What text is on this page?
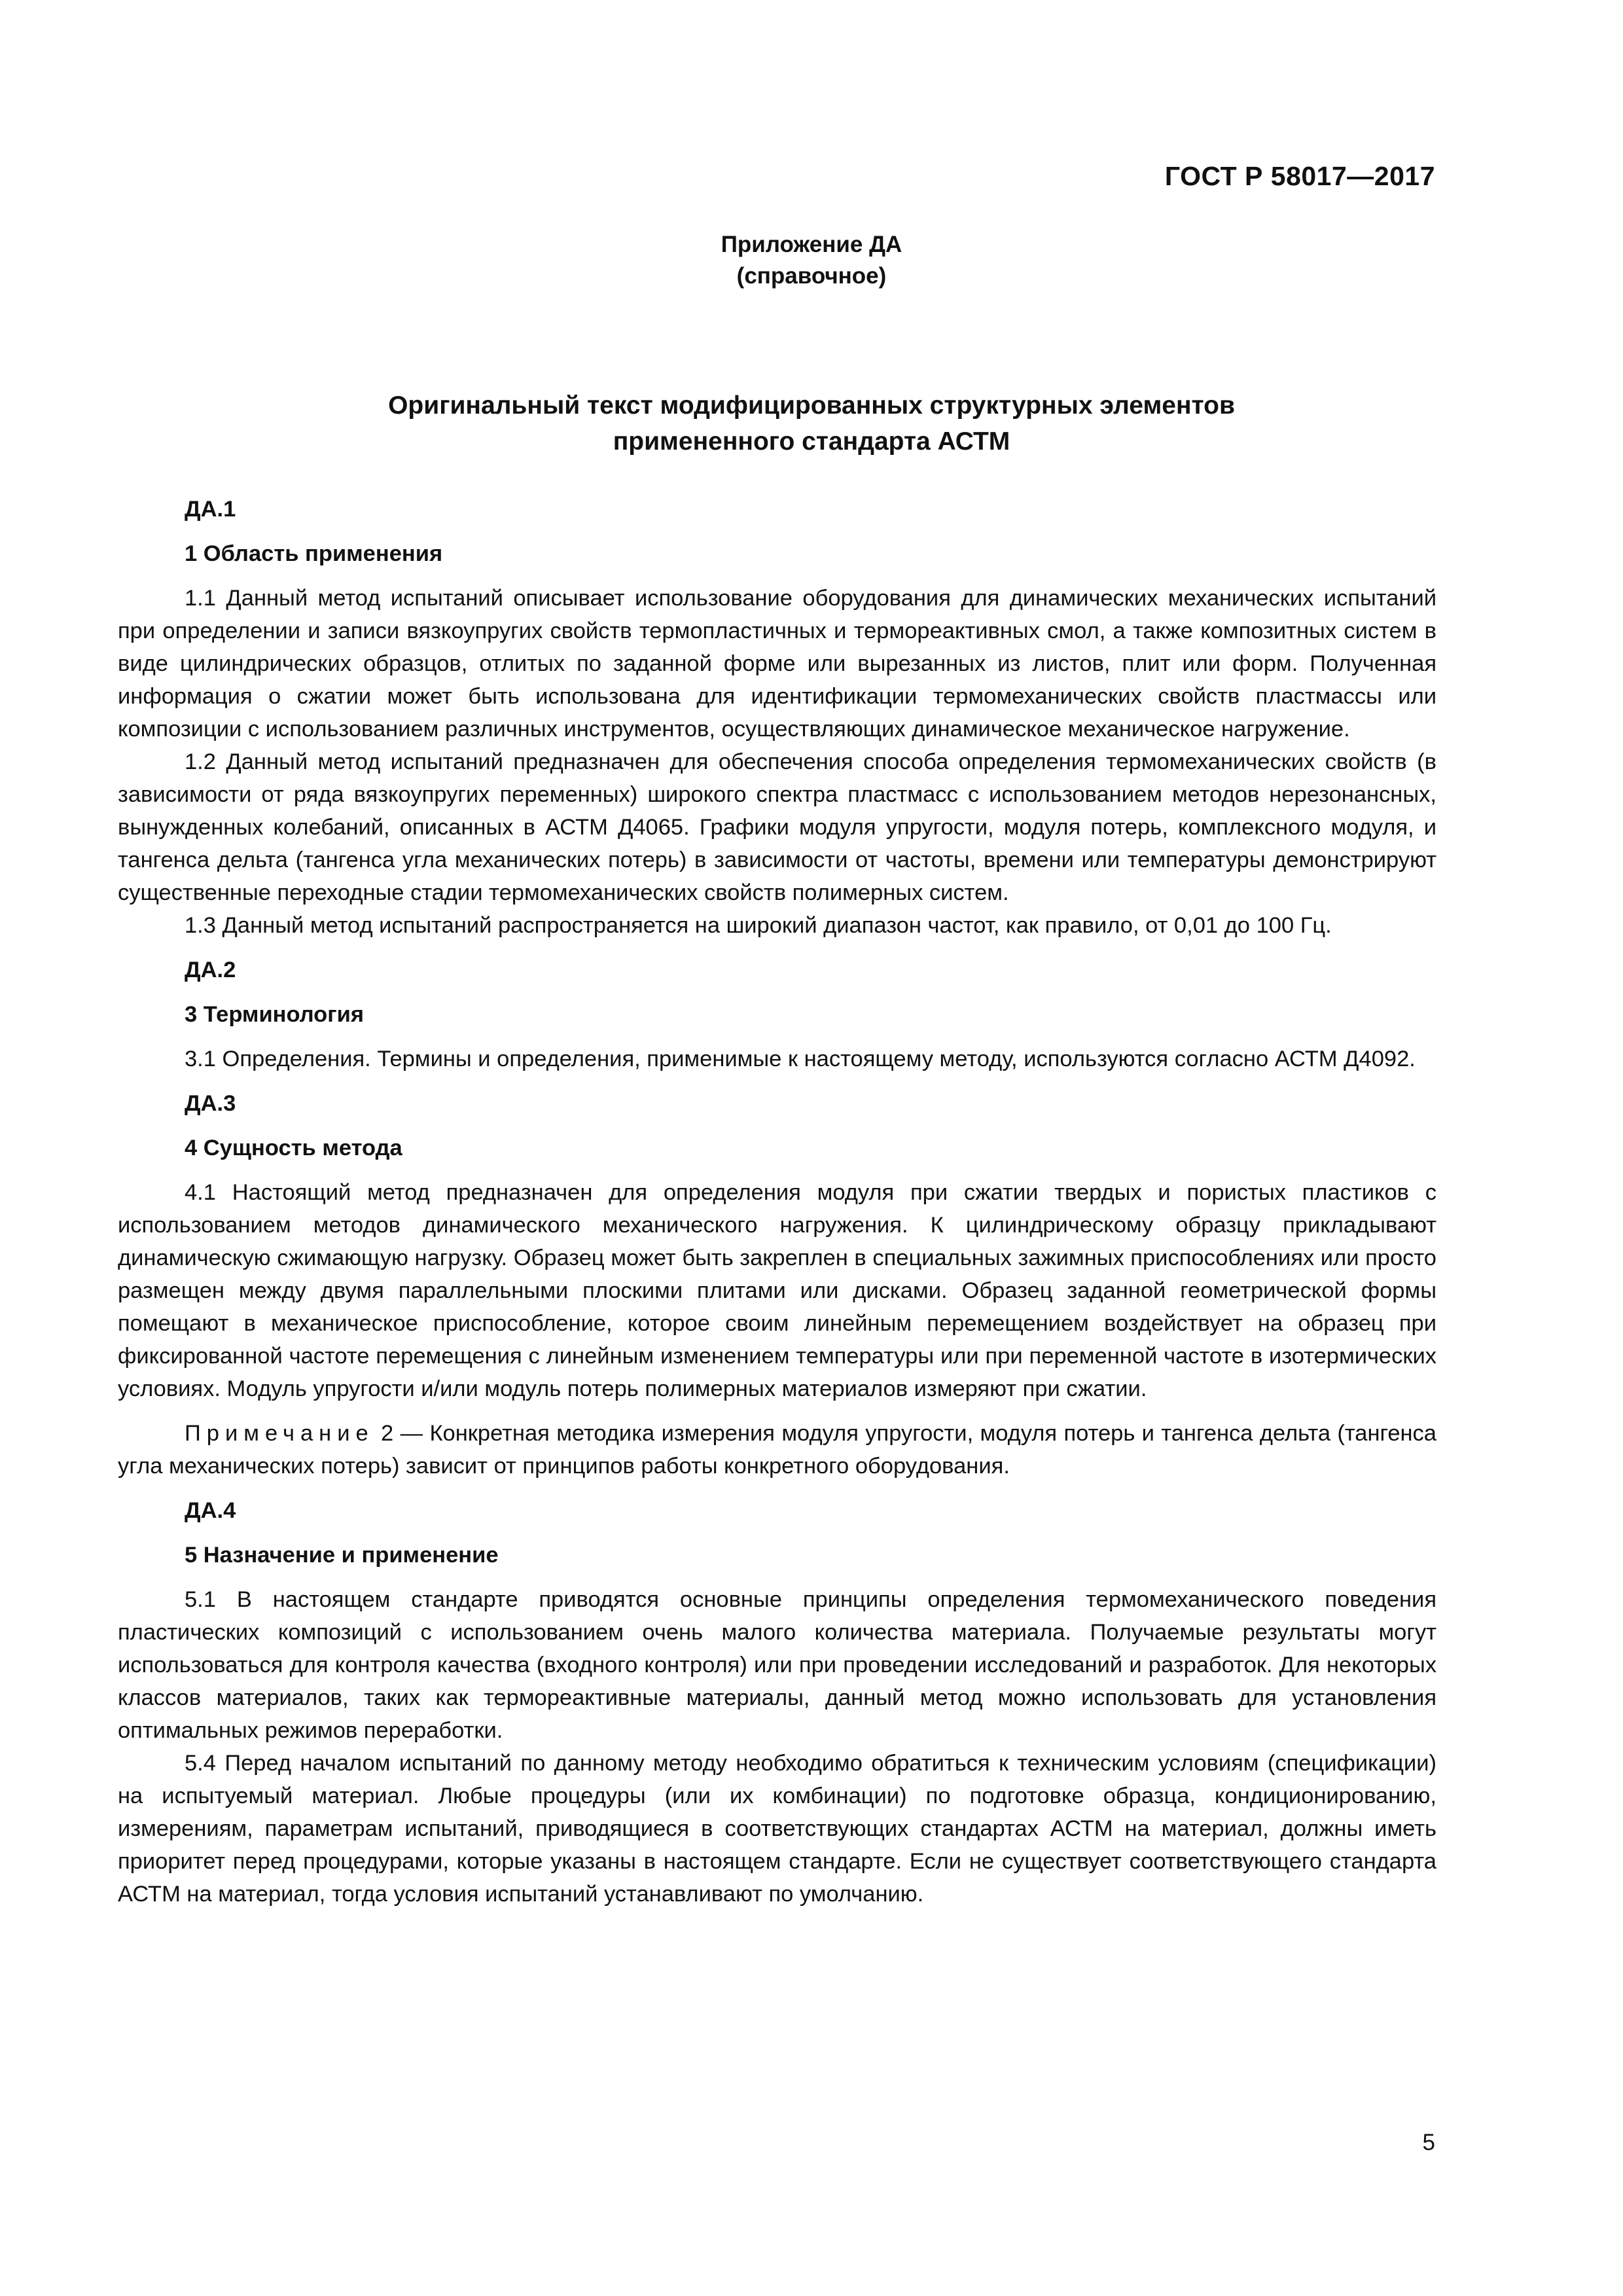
ГОСТ Р 58017—2017
Приложение ДА
(справочное)
Оригинальный текст модифицированных структурных элементов
примененного стандарта АСТМ
ДА.1
1 Область применения

1.1 Данный метод испытаний описывает использование оборудования для динамических механических испытаний при определении и записи вязкоупругих свойств термопластичных и термореактивных смол, а также композитных систем в виде цилиндрических образцов, отлитых по заданной форме или вырезанных из листов, плит или форм. Полученная информация о сжатии может быть использована для идентификации термомеханических свойств пластмассы или композиции с использованием различных инструментов, осуществляющих динамическое механическое нагружение.

1.2 Данный метод испытаний предназначен для обеспечения способа определения термомеханических свойств (в зависимости от ряда вязкоупругих переменных) широкого спектра пластмасс с использованием методов нерезонансных, вынужденных колебаний, описанных в АСТМ Д4065. Графики модуля упругости, модуля потерь, комплексного модуля, и тангенса дельта (тангенса угла механических потерь) в зависимости от частоты, времени или температуры демонстрируют существенные переходные стадии термомеханических свойств полимерных систем.

1.3 Данный метод испытаний распространяется на широкий диапазон частот, как правило, от 0,01 до 100 Гц.

ДА.2
3 Терминология

3.1 Определения. Термины и определения, применимые к настоящему методу, используются согласно АСТМ Д4092.

ДА.3
4 Сущность метода

4.1 Настоящий метод предназначен для определения модуля при сжатии твердых и пористых пластиков с использованием методов динамического механического нагружения. К цилиндрическому образцу прикладывают динамическую сжимающую нагрузку. Образец может быть закреплен в специальных зажимных приспособлениях или просто размещен между двумя параллельными плоскими плитами или дисками. Образец заданной геометрической формы помещают в механическое приспособление, которое своим линейным перемещением воздействует на образец при фиксированной частоте перемещения с линейным изменением температуры или при переменной частоте в изотермических условиях. Модуль упругости и/или модуль потерь полимерных материалов измеряют при сжатии.

Примечание 2 — Конкретная методика измерения модуля упругости, модуля потерь и тангенса дельта (тангенса угла механических потерь) зависит от принципов работы конкретного оборудования.

ДА.4
5 Назначение и применение

5.1 В настоящем стандарте приводятся основные принципы определения термомеханического поведения пластических композиций с использованием очень малого количества материала. Получаемые результаты могут использоваться для контроля качества (входного контроля) или при проведении исследований и разработок. Для некоторых классов материалов, таких как термореактивные материалы, данный метод можно использовать для установления оптимальных режимов переработки.

5.4 Перед началом испытаний по данному методу необходимо обратиться к техническим условиям (спецификации) на испытуемый материал. Любые процедуры (или их комбинации) по подготовке образца, кондиционированию, измерениям, параметрам испытаний, приводящиеся в соответствующих стандартах АСТМ на материал, должны иметь приоритет перед процедурами, которые указаны в настоящем стандарте. Если не существует соответствующего стандарта АСТМ на материал, тогда условия испытаний устанавливают по умолчанию.

5
